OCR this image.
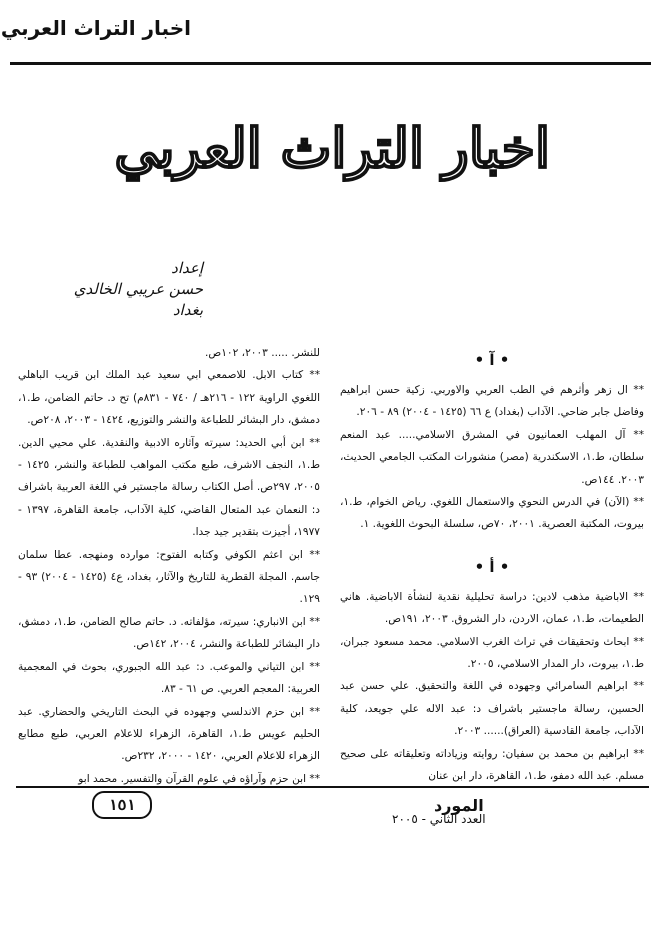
اخبار التراث العربي
اخبار التراث العربي
إعداد
حسن عريبي الخالدي
بغداد
• آ •

** ال زهر وأثرهم في الطب العربي والاوربي. زكية حسن ابراهيم وفاضل جابر ضاحي. الآداب (بغداد) ع ٦٦ (١٤٢٥ - ٢٠٠٤) ٨٩ - ٢٠٦.

** آل المهلب العمانيون في المشرق الاسلامي..... عبد المنعم سلطان، ط.١، الاسكندرية (مصر) منشورات المكتب الجامعي الحديث، ٢٠٠٣. ١٤٤ص.

** (الآن) في الدرس النحوي والاستعمال اللغوي. رياض الخوام، ط.١، بيروت، المكتبة العصرية. ٢٠٠١، ٧٠ص، سلسلة البحوث اللغوية. ١.

• أ •

** الاباضية مذهب لادين: دراسة تحليلية نقدية لنشأة الاباضية. هاني الطعيمات، ط.١، عمان، الاردن، دار الشروق. ٢٠٠٣، ١٩١ص.

** ابحاث وتحقيقات في تراث الغرب الاسلامي. محمد مسعود جبران، ط.١، بيروت، دار المدار الاسلامي، ٢٠٠٥.

** ابراهيم السامرائي وجهوده في اللغة والتحقيق. علي حسن عبد الحسين، رسالة ماجستير باشراف د: عبد الاله علي جويعد، كلية الآداب، جامعة القادسية (العراق)...... ٢٠٠٣.

** ابراهيم بن محمد بن سفيان: روايته وزياداته وتعليقاته على صحيح مسلم. عبد الله دمفو، ط.١، القاهرة، دار ابن عنان

للنشر. ..... ٢٠٠٣، ١٠٢ص.

** كتاب الابل. للاصمعي ابي سعيد عبد الملك ابن قريب الباهلي اللغوي الراوية ١٢٢ - ٢١٦هـ / ٧٤٠ - ٨٣١م) تح د. حاتم الضامن، ط.١، دمشق، دار البشائر للطباعة والنشر والتوزيع، ١٤٢٤ - ٢٠٠٣، ٢٠٨ص.

** ابن أبي الحديد: سيرته وآثاره الادبية والنقدية. علي محيي الدين. ط.١، النجف الاشرف، طبع مكتب المواهب للطباعة والنشر، ١٤٢٥ - ٢٠٠٥، ٢٩٧ص. أصل الكتاب رسالة ماجستير في اللغة العربية باشراف د: النعمان عبد المتعال القاضي، كلية الآداب، جامعة القاهرة، ١٣٩٧ - ١٩٧٧، أجيزت بتقدير جيد جدا.

** ابن اعثم الكوفي وكتابه الفتوح: موارده ومنهجه. عطا سلمان جاسم. المجلة القطرية للتاريخ والآثار، بغداد، ع٤ (١٤٢٥ - ٢٠٠٤) ٩٣ - ١٢٩.

** ابن الانباري: سيرته، مؤلفاته. د. حاتم صالح الضامن، ط.١، دمشق، دار البشائر للطباعة والنشر، ٢٠٠٤، ١٤٢ص.

** ابن التياني والموعب. د: عبد الله الجبوري، بحوث في المعجمية العربية: المعجم العربي. ص ٦١ - ٨٣.

** ابن حزم الاندلسي وجهوده في البحث التاريخي والحضاري. عبد الحليم عويس ط.١، القاهرة، الزهراء للاعلام العربي، طبع مطابع الزهراء للاعلام العربي، ١٤٢٠ - ٢٠٠٠، ٢٣٢ص.

** ابن حزم وآراؤه في علوم القرآن والتفسير. محمد ابو

١٥١	المورد
العدد الثاني - ٢٠٠٥
